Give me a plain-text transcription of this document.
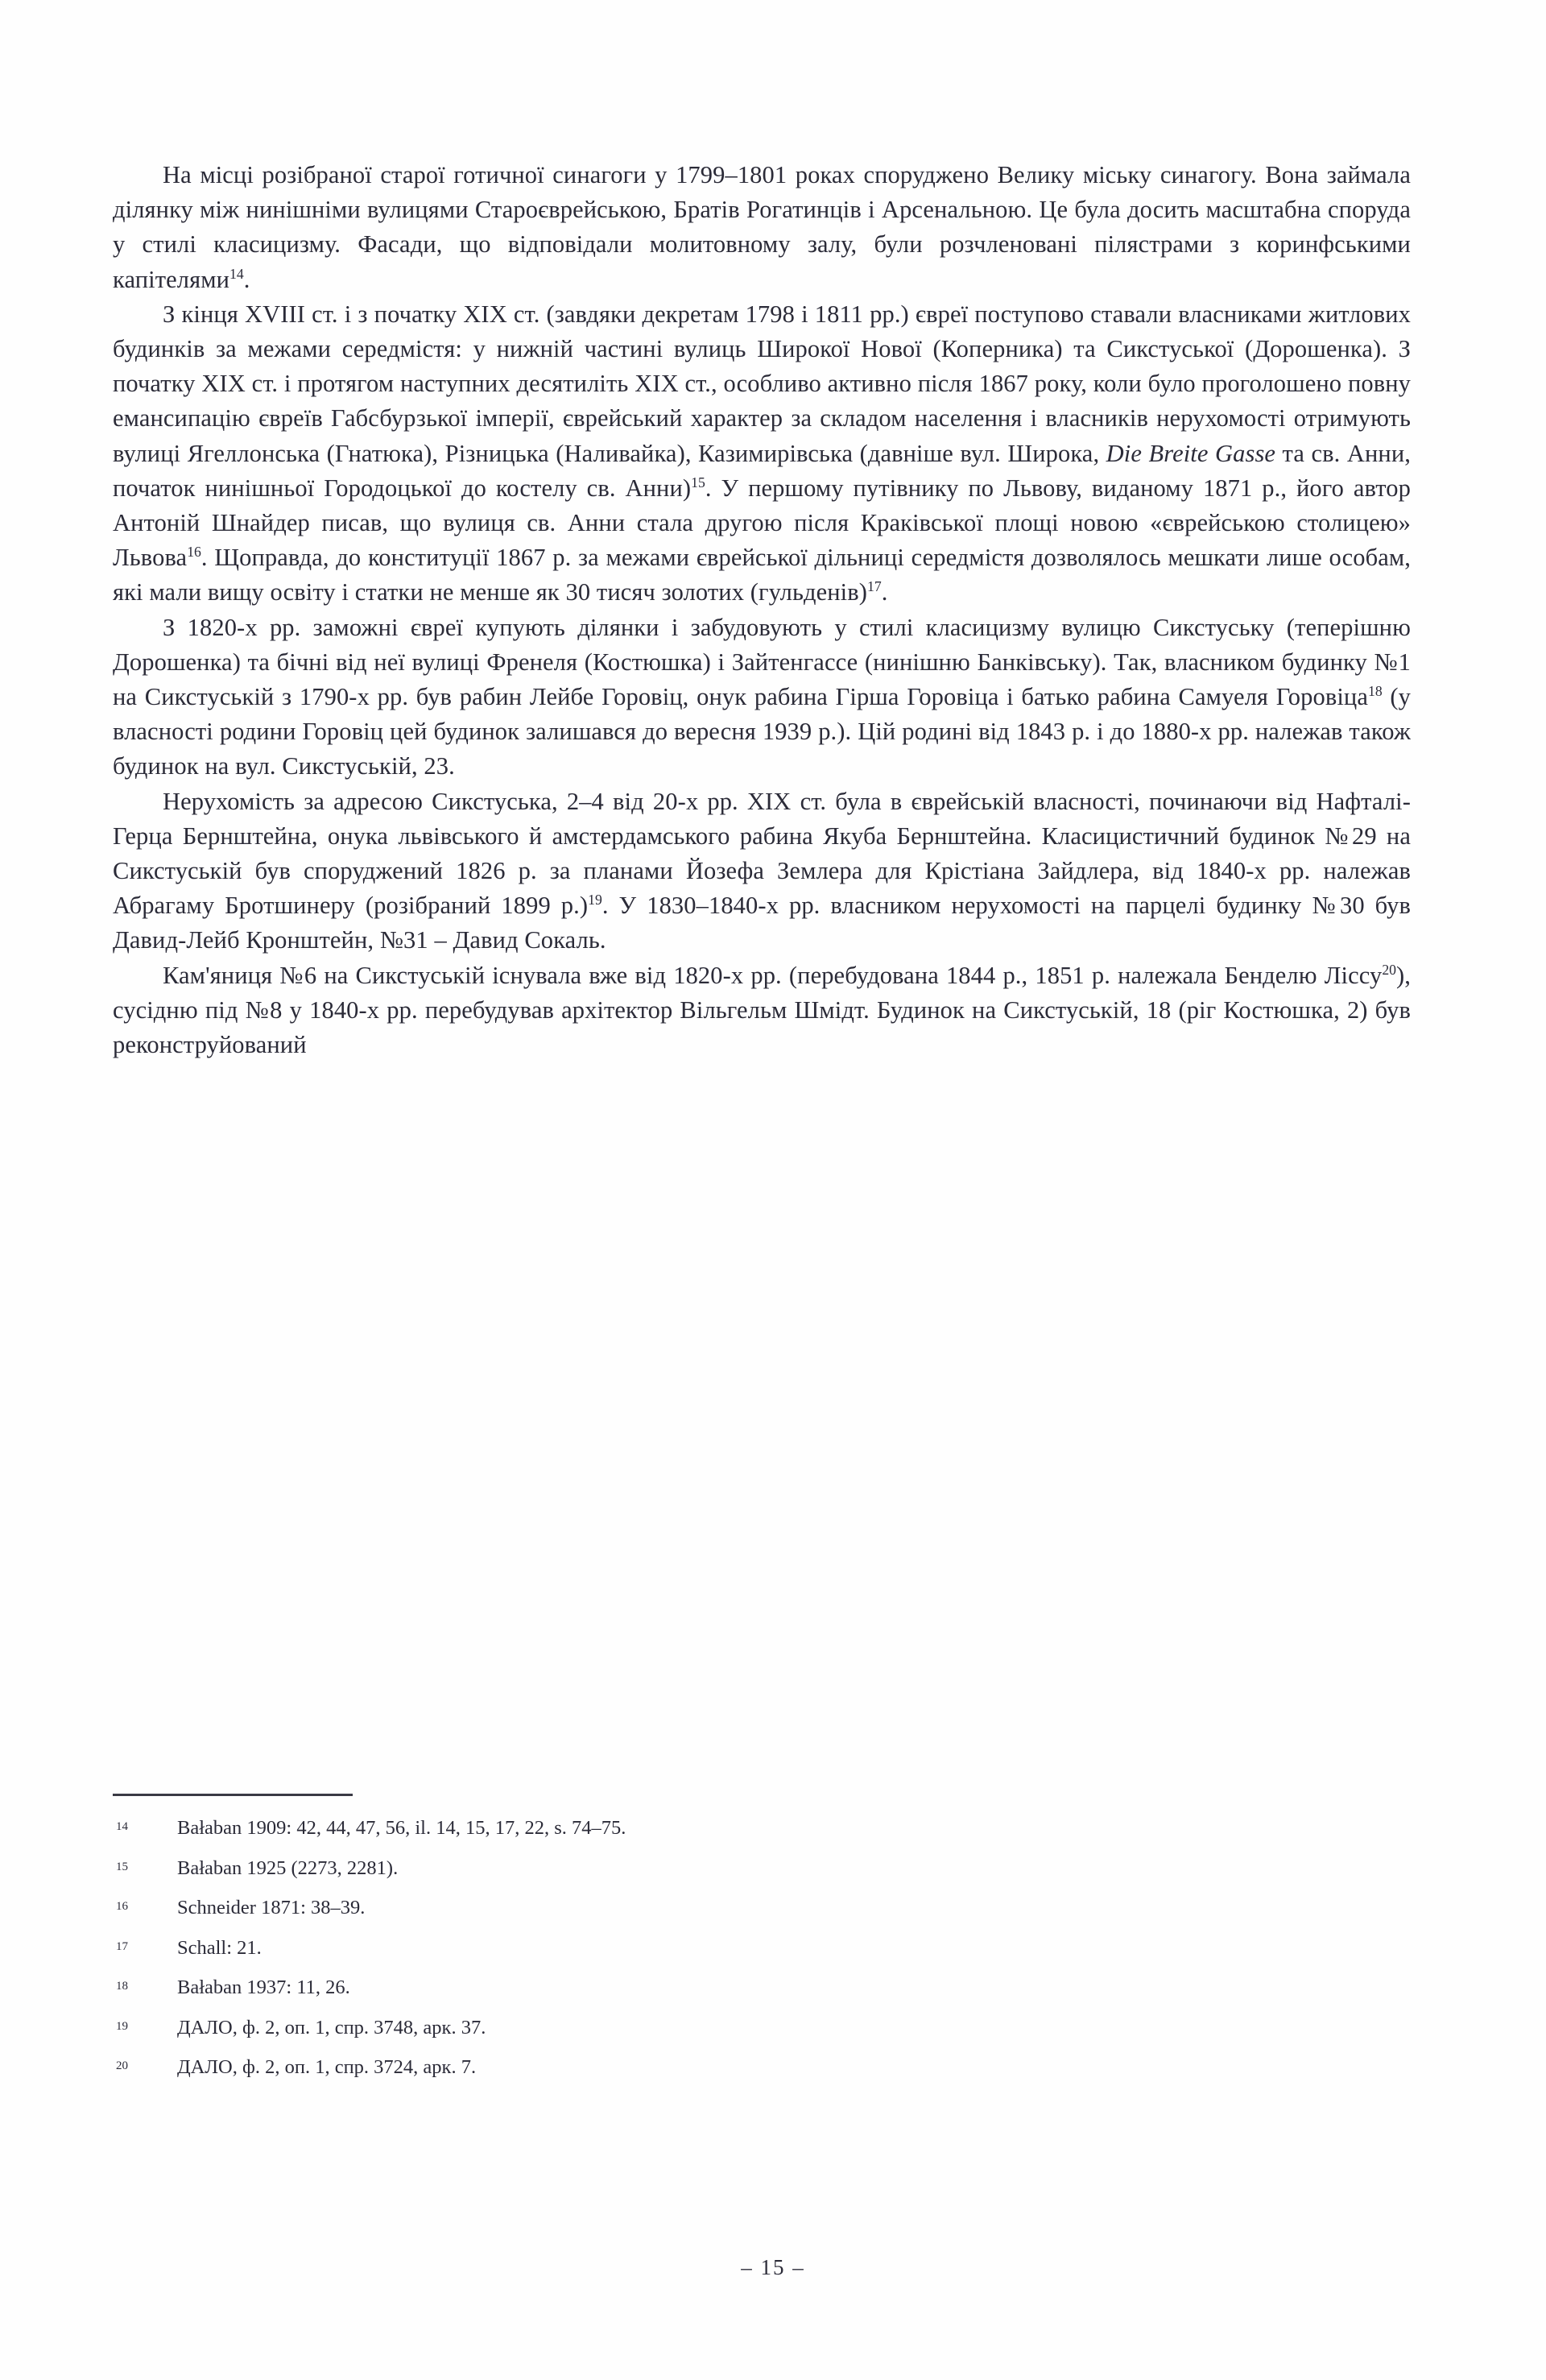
На місці розібраної старої готичної синагоги у 1799–1801 роках споруджено Велику міську синагогу. Вона займала ділянку між нинішніми вулицями Староєврейською, Братів Рогатинців і Арсенальною. Це була досить масштабна споруда у стилі класицизму. Фасади, що відповідали молитовному залу, були розчленовані пілястрами з коринфськими капітелями$^{14}$.

З кінця XVIII ст. і з початку XIX ст. (завдяки декретам 1798 і 1811 рр.) євреї поступово ставали власниками житлових будинків за межами середмістя: у нижній частині вулиць Широкої Нової (Коперника) та Сикстуської (Дорошенка). З початку XIX ст. і протягом наступних десятиліть XIX ст., особливо активно після 1867 року, коли було проголошено повну емансипацію євреїв Габсбурзької імперії, єврейський характер за складом населення і власників нерухомості отримують вулиці Ягеллонська (Гнатюка), Різницька (Наливайка), Казимирівська (давніше вул. Широка, Die Breite Gasse та св. Анни, початок нинішньої Городоцької до костелу св. Анни)$^{15}$. У першому путівнику по Львову, виданому 1871 р., його автор Антоній Шнайдер писав, що вулиця св. Анни стала другою після Краківської площі новою «єврейською столицею» Львова$^{16}$. Щоправда, до конституції 1867 р. за межами єврейської дільниці середмістя дозволялось мешкати лише особам, які мали вищу освіту і статки не менше як 30 тисяч золотих (гульденів)$^{17}$.

З 1820-х рр. заможні євреї купують ділянки і забудовують у стилі класицизму вулицю Сикстуську (теперішню Дорошенка) та бічні від неї вулиці Френеля (Костюшка) і Зайтенгассе (нинішню Банківську). Так, власником будинку №1 на Сикстуській з 1790-х рр. був рабин Лейбе Горовіц, онук рабина Гірша Горовіца і батько рабина Самуеля Горовіца$^{18}$ (у власності родини Горовіц цей будинок залишався до вересня 1939 р.). Цій родині від 1843 р. і до 1880-х рр. належав також будинок на вул. Сикстуській, 23.

Нерухомість за адресою Сикстуська, 2–4 від 20-х рр. XIX ст. була в єврейській власності, починаючи від Нафталі-Герца Бернштейна, онука львівського й амстердамського рабина Якуба Бернштейна. Класицистичний будинок №29 на Сикстуській був споруджений 1826 р. за планами Йозефа Землера для Крістіана Зайдлера, від 1840-х рр. належав Абрагаму Бротшинеру (розібраний 1899 р.)$^{19}$. У 1830–1840-х рр. власником нерухомості на парцелі будинку №30 був Давид-Лейб Кронштейн, №31 – Давид Сокаль.

Кам'яниця №6 на Сикстуській існувала вже від 1820-х рр. (перебудована 1844 р., 1851 р. належала Бенделю Ліссу$^{20}$), сусідню під №8 у 1840-х рр. перебудував архітектор Вільгельм Шмідт. Будинок на Сикстуській, 18 (ріг Костюшка, 2) був реконструйований

14 Bałaban 1909: 42, 44, 47, 56, il. 14, 15, 17, 22, s. 74–75.
15 Bałaban 1925 (2273, 2281).
16 Schneider 1871: 38–39.
17 Schall: 21.
18 Bałaban 1937: 11, 26.
19 ДАЛО, ф. 2, оп. 1, спр. 3748, арк. 37.
20 ДАЛО, ф. 2, оп. 1, спр. 3724, арк. 7.
– 15 –
